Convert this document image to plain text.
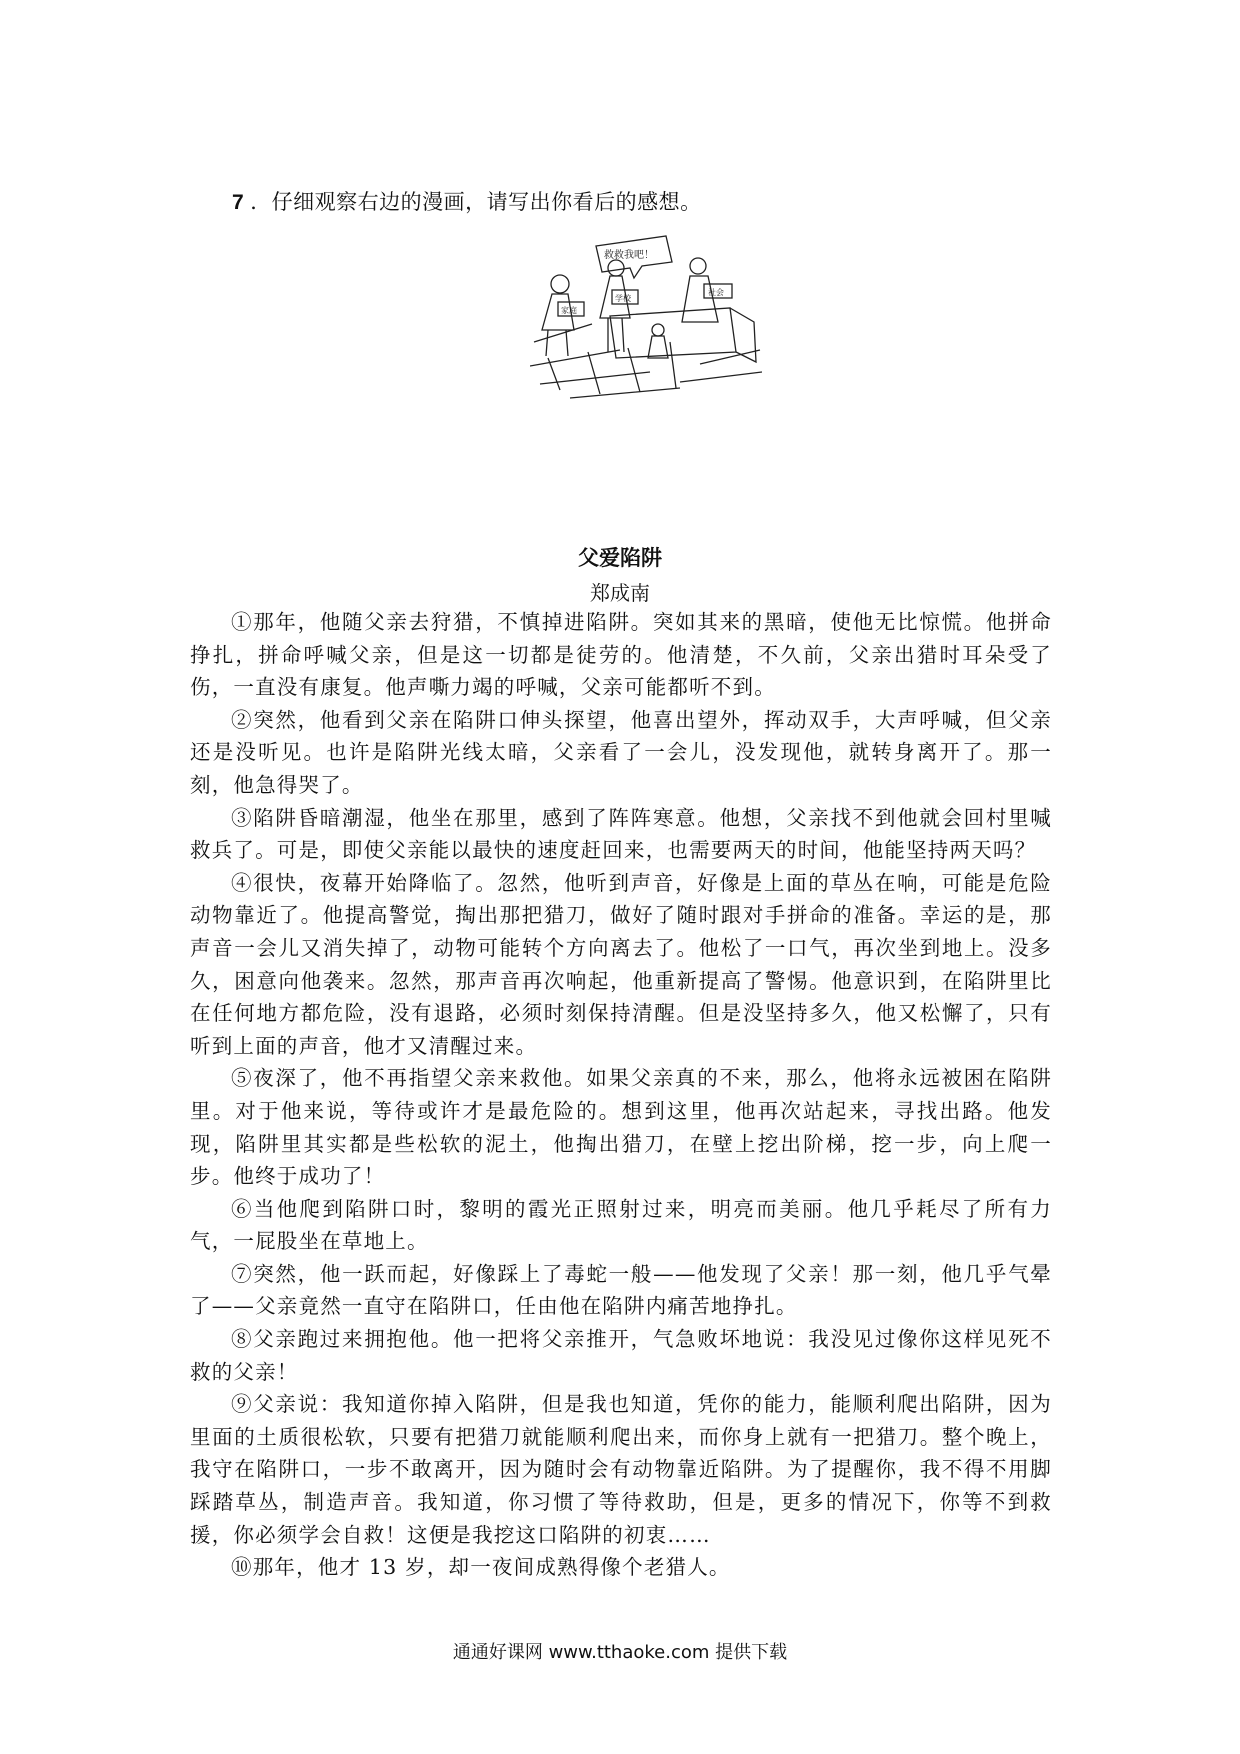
7 ．仔细观察右边的漫画，请写出你看后的感想。
救救我吧！
家庭
学校
社会
父爱陷阱
郑成南

①那年，他随父亲去狩猎，不慎掉进陷阱。突如其来的黑暗，使他无比惊慌。他拼命挣扎，拼命呼喊父亲，但是这一切都是徒劳的。他清楚，不久前，父亲出猎时耳朵受了伤，一直没有康复。他声嘶力竭的呼喊，父亲可能都听不到。

②突然，他看到父亲在陷阱口伸头探望，他喜出望外，挥动双手，大声呼喊，但父亲还是没听见。也许是陷阱光线太暗，父亲看了一会儿，没发现他，就转身离开了。那一刻，他急得哭了。

③陷阱昏暗潮湿，他坐在那里，感到了阵阵寒意。他想，父亲找不到他就会回村里喊救兵了。可是，即使父亲能以最快的速度赶回来，也需要两天的时间，他能坚持两天吗？

④很快，夜幕开始降临了。忽然，他听到声音，好像是上面的草丛在响，可能是危险动物靠近了。他提高警觉，掏出那把猎刀，做好了随时跟对手拼命的准备。幸运的是，那声音一会儿又消失掉了，动物可能转个方向离去了。他松了一口气，再次坐到地上。没多久，困意向他袭来。忽然，那声音再次响起，他重新提高了警惕。他意识到，在陷阱里比在任何地方都危险，没有退路，必须时刻保持清醒。但是没坚持多久，他又松懈了，只有听到上面的声音，他才又清醒过来。

⑤夜深了，他不再指望父亲来救他。如果父亲真的不来，那么，他将永远被困在陷阱里。对于他来说，等待或许才是最危险的。想到这里，他再次站起来，寻找出路。他发现，陷阱里其实都是些松软的泥土，他掏出猎刀，在壁上挖出阶梯，挖一步，向上爬一步。他终于成功了！

⑥当他爬到陷阱口时，黎明的霞光正照射过来，明亮而美丽。他几乎耗尽了所有力气，一屁股坐在草地上。

⑦突然，他一跃而起，好像踩上了毒蛇一般——他发现了父亲！那一刻，他几乎气晕了——父亲竟然一直守在陷阱口，任由他在陷阱内痛苦地挣扎。

⑧父亲跑过来拥抱他。他一把将父亲推开，气急败坏地说：我没见过像你这样见死不救的父亲！

⑨父亲说：我知道你掉入陷阱，但是我也知道，凭你的能力，能顺利爬出陷阱，因为里面的土质很松软，只要有把猎刀就能顺利爬出来，而你身上就有一把猎刀。整个晚上，我守在陷阱口，一步不敢离开，因为随时会有动物靠近陷阱。为了提醒你，我不得不用脚踩踏草丛，制造声音。我知道，你习惯了等待救助，但是，更多的情况下，你等不到救援，你必须学会自救！这便是我挖这口陷阱的初衷……

⑩那年，他才 13 岁，却一夜间成熟得像个老猎人。

通通好课网 www.tthaoke.com 提供下载
